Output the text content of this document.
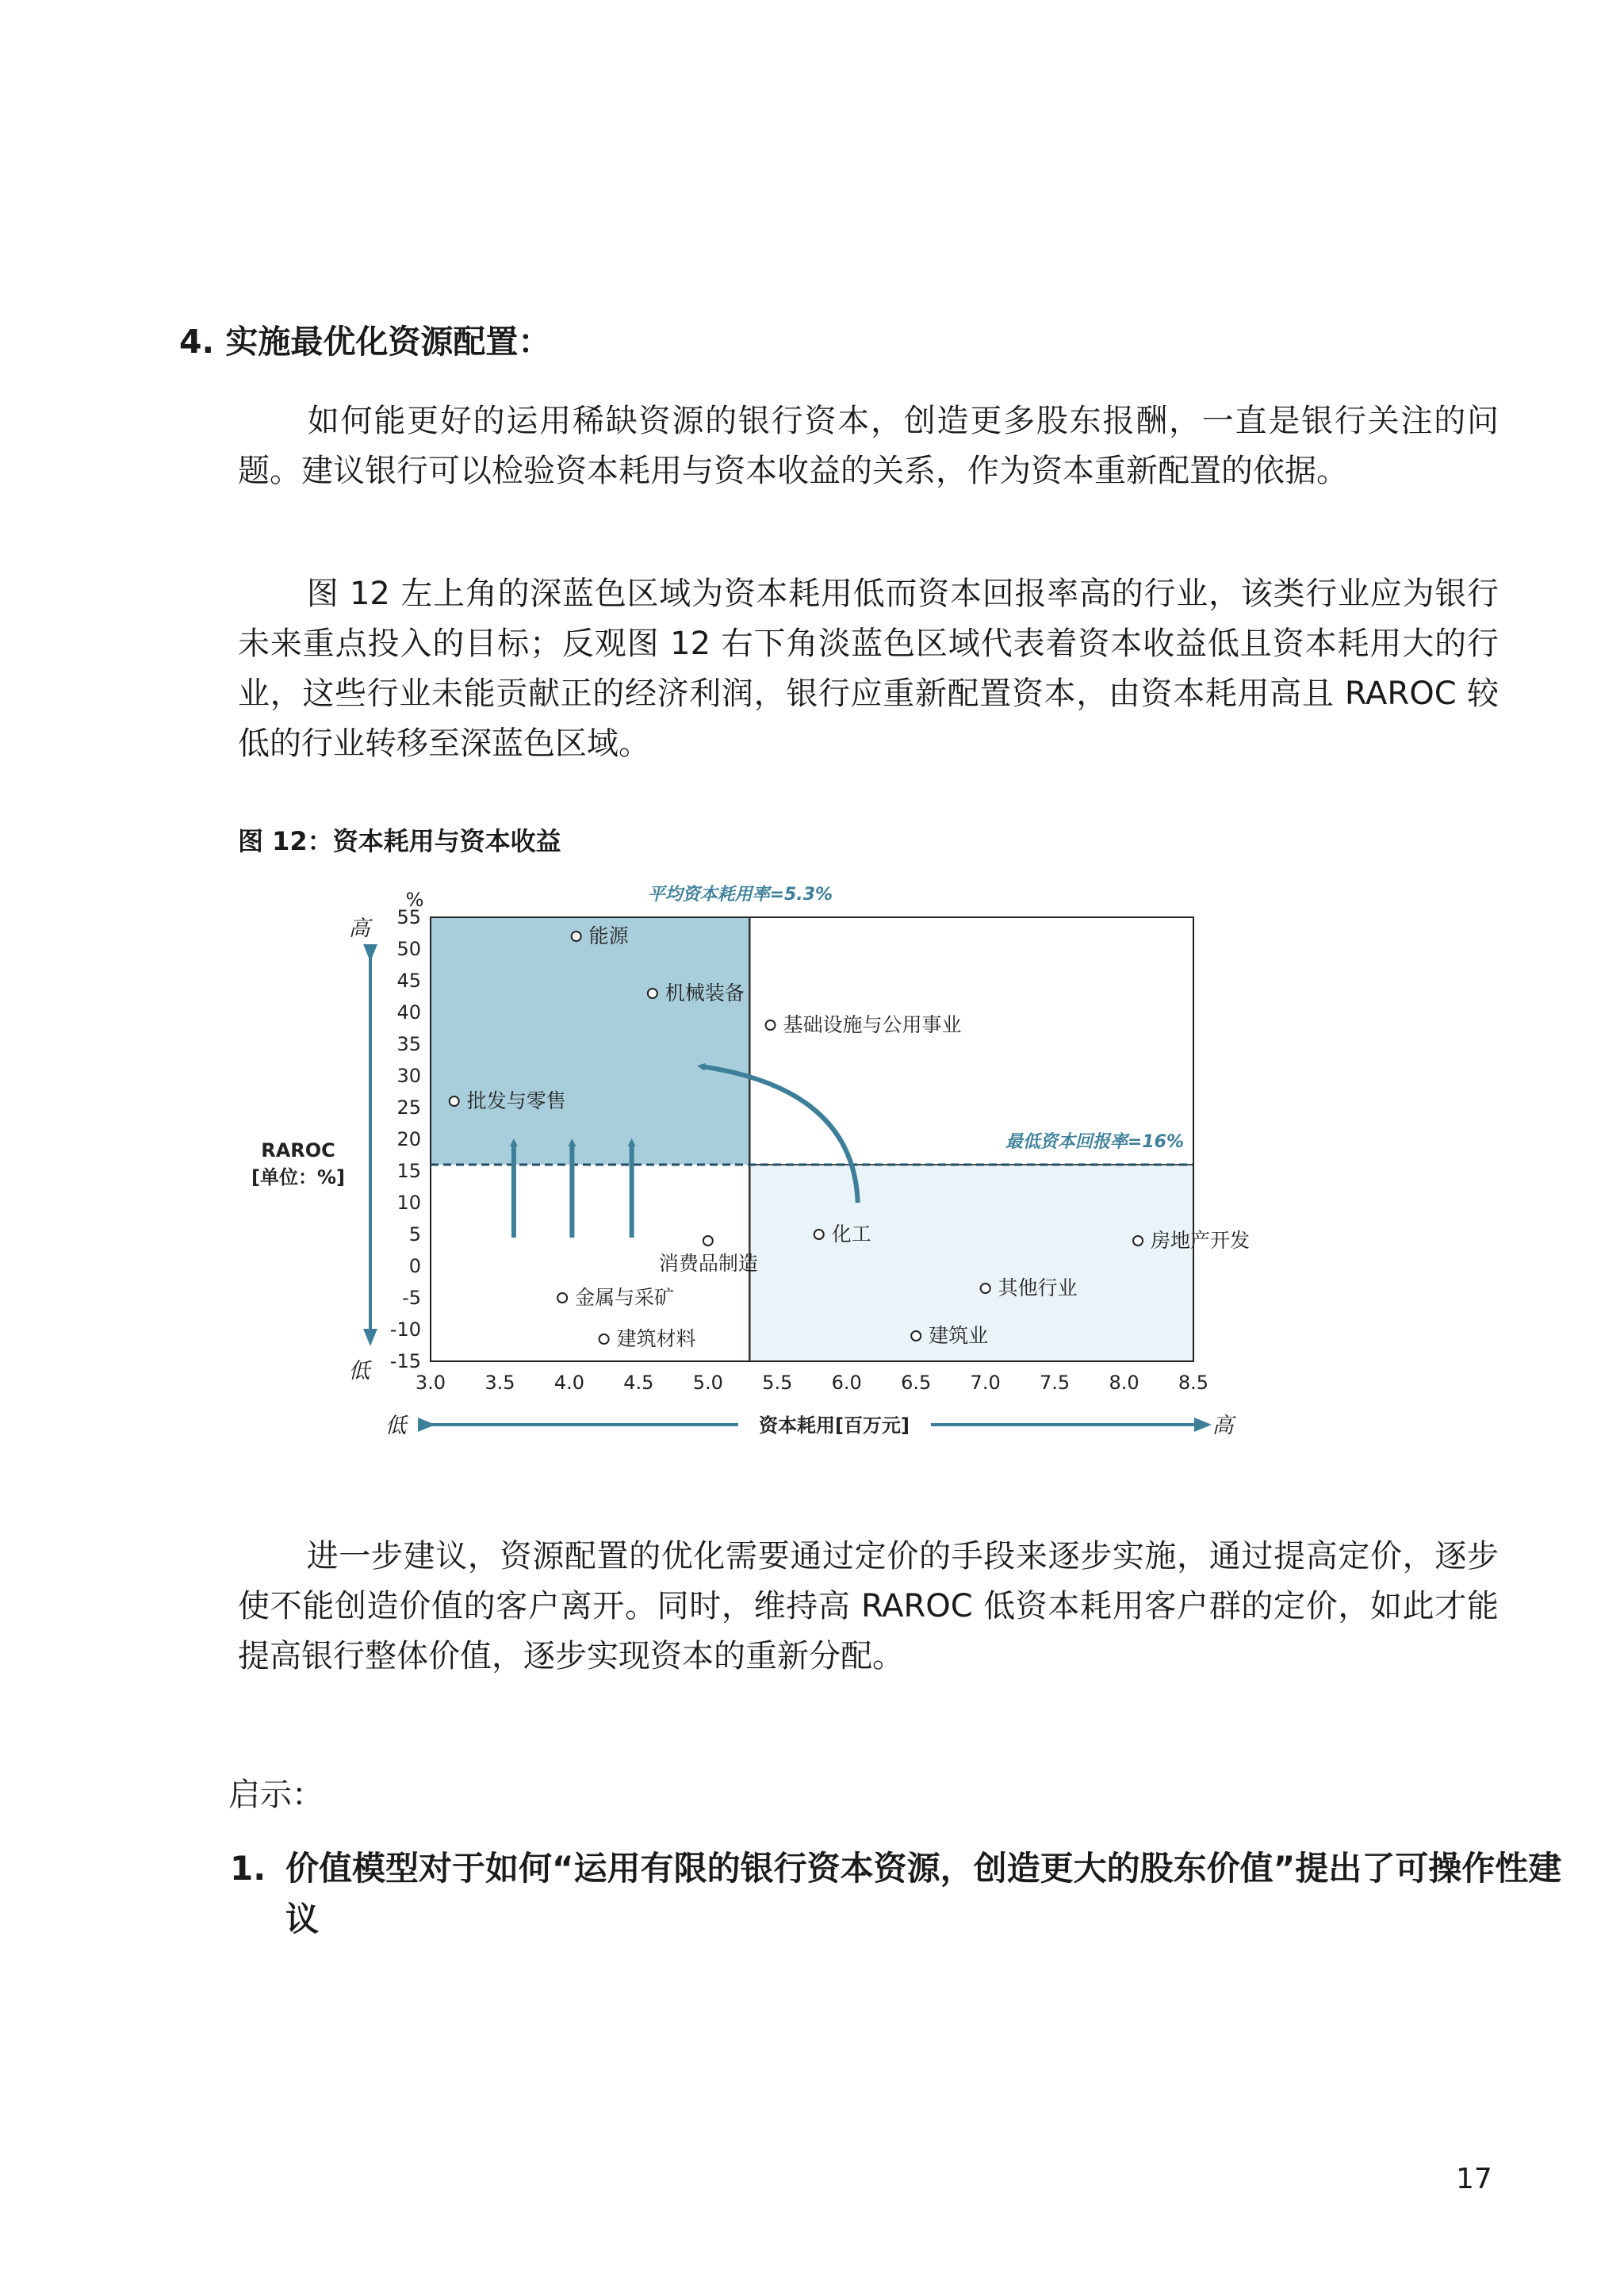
4. 实施最优化资源配置：
如何能更好的运用稀缺资源的银行资本，创造更多股东报酬，一直是银行关注的问题。建议银行可以检验资本耗用与资本收益的关系，作为资本重新配置的依据。
图 12 左上角的深蓝色区域为资本耗用低而资本回报率高的行业，该类行业应为银行未来重点投入的目标；反观图 12 右下角淡蓝色区域代表着资本收益低且资本耗用大的行业，这些行业未能贡献正的经济利润，银行应重新配置资本，由资本耗用高且 RAROC 较低的行业转移至深蓝色区域。
图 12：资本耗用与资本收益
平均资本耗用率=5.3%
最低资本回报率=16%
55
50
45
40
35
30
25
20
15
10
5
0
-5
-10
-15
3.0 3.5 4.0 4.5 5.0 5.5 6.0 6.5 7.0 7.5 8.0 8.5
%
RAROC
[单位：%]
高
低
资本耗用[百万元]
低	高
能源
机械装备
基础设施与公用事业
批发与零售
消费品制造
化工	房地产开发
金属与采矿	其他行业
建筑材料	建筑业
进一步建议，资源配置的优化需要通过定价的手段来逐步实施，通过提高定价，逐步使不能创造价值的客户离开。同时，维持高 RAROC 低资本耗用客户群的定价，如此才能提高银行整体价值，逐步实现资本的重新分配。
启示：
1. 价值模型对于如何“运用有限的银行资本资源，创造更大的股东价值”提出了可操作性建议
17
